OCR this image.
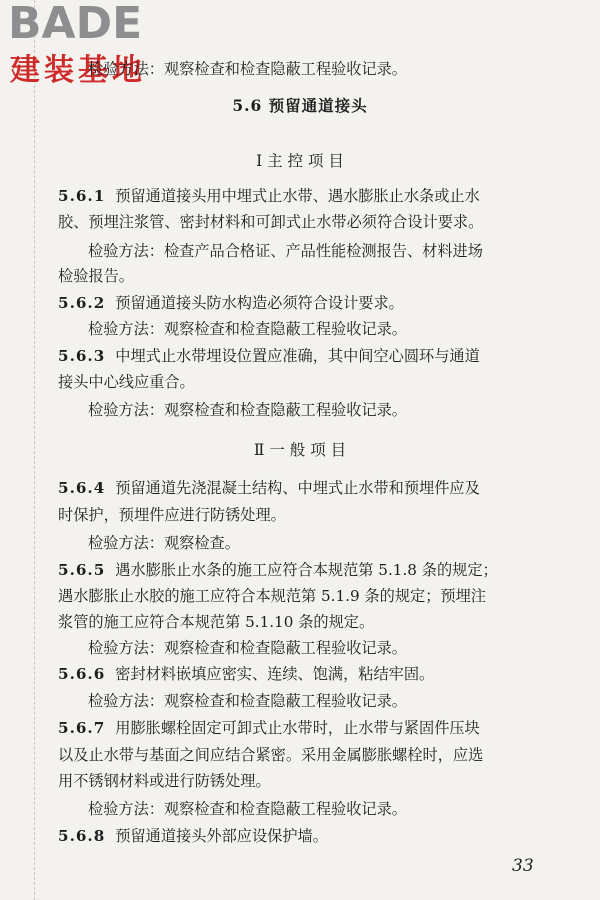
BADE
建装基地
检验方法：观察检查和检查隐蔽工程验收记录。
5.6 预留通道接头
Ⅰ 主 控 项 目
5.6.1 预留通道接头用中埋式止水带、遇水膨胀止水条或止水
胶、预埋注浆管、密封材料和可卸式止水带必须符合设计要求。
检验方法：检查产品合格证、产品性能检测报告、材料进场
检验报告。
5.6.2 预留通道接头防水构造必须符合设计要求。
检验方法：观察检查和检查隐蔽工程验收记录。
5.6.3 中埋式止水带埋设位置应准确，其中间空心圆环与通道
接头中心线应重合。
检验方法：观察检查和检查隐蔽工程验收记录。
Ⅱ 一 般 项 目
5.6.4 预留通道先浇混凝土结构、中埋式止水带和预埋件应及
时保护，预埋件应进行防锈处理。
检验方法：观察检查。
5.6.5 遇水膨胀止水条的施工应符合本规范第 5.1.8 条的规定；
遇水膨胀止水胶的施工应符合本规范第 5.1.9 条的规定；预埋注
浆管的施工应符合本规范第 5.1.10 条的规定。
检验方法：观察检查和检查隐蔽工程验收记录。
5.6.6 密封材料嵌填应密实、连续、饱满，粘结牢固。
检验方法：观察检查和检查隐蔽工程验收记录。
5.6.7 用膨胀螺栓固定可卸式止水带时，止水带与紧固件压块
以及止水带与基面之间应结合紧密。采用金属膨胀螺栓时，应选
用不锈钢材料或进行防锈处理。
检验方法：观察检查和检查隐蔽工程验收记录。
5.6.8 预留通道接头外部应设保护墙。
33
